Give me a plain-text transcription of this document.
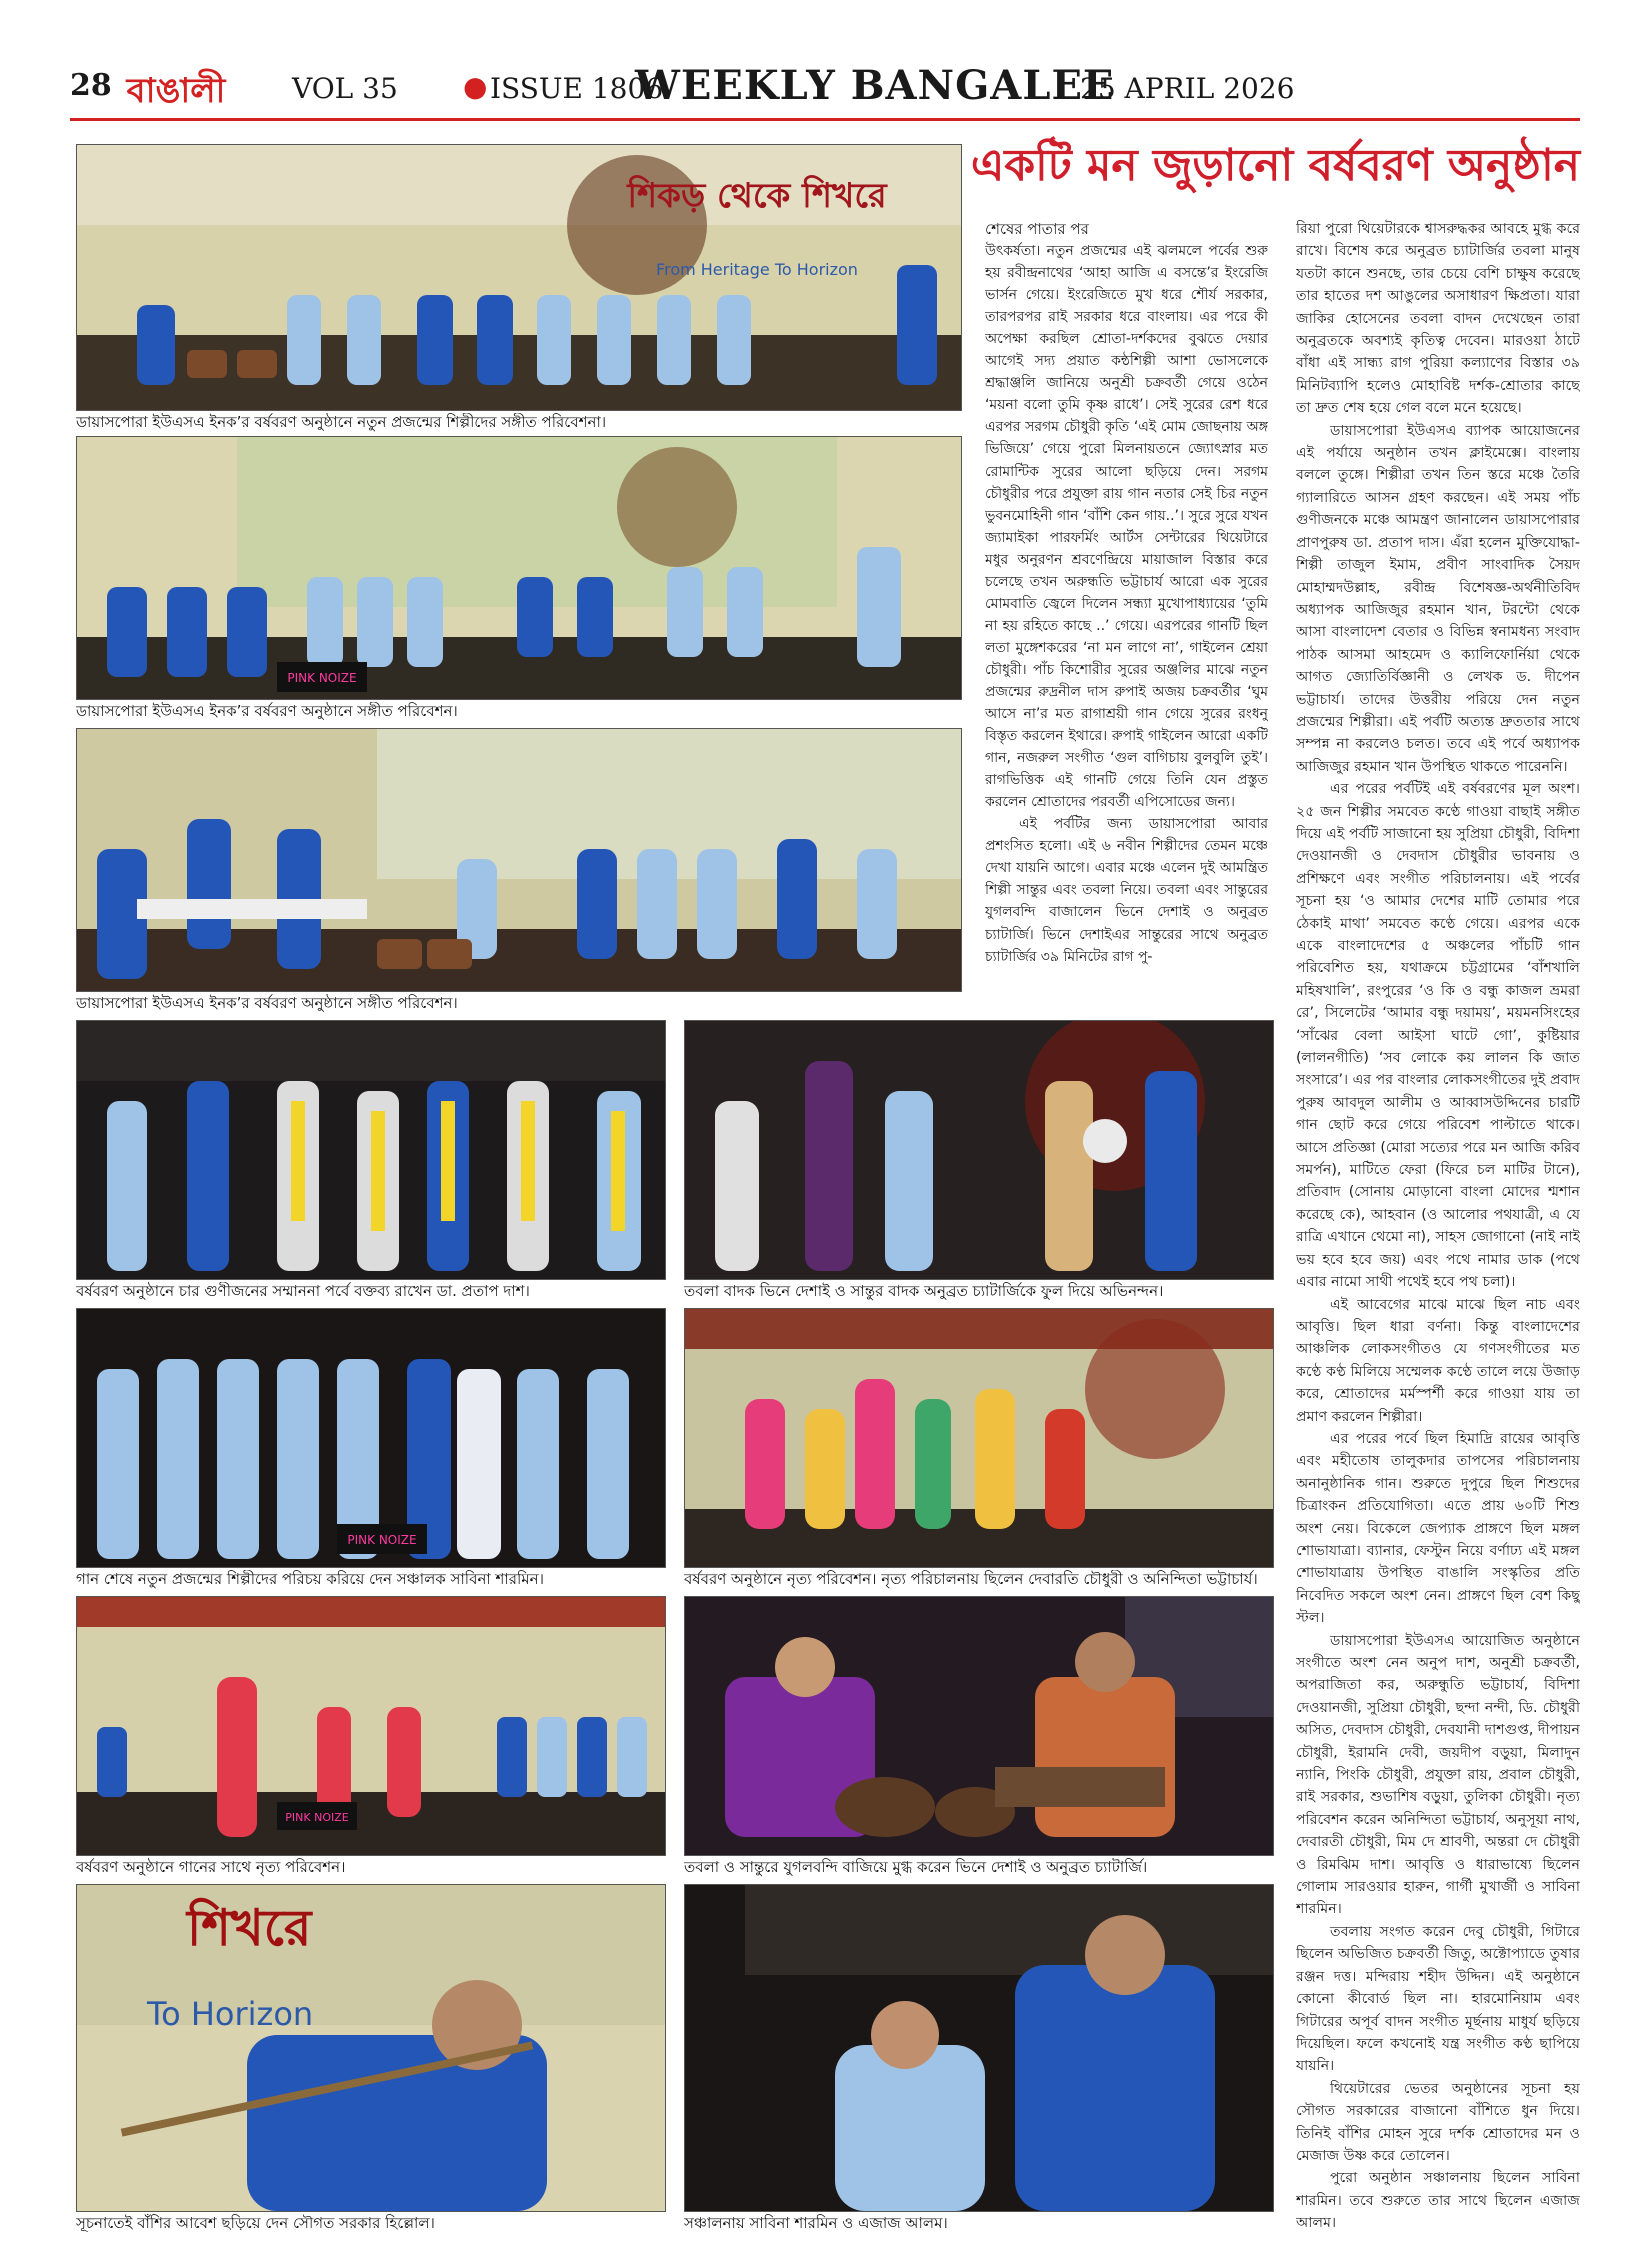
28 বাঙালী VOL 35 ● ISSUE 1806
WEEKLY BANGALEE
25 APRIL 2026
একটি মন জুড়ানো বর্ষবরণ অনুষ্ঠান
শিকড় থেকে শিখরে
From Heritage To Horizon
ডায়াসপোরা ইউএসএ ইনক’র বর্ষবরণ অনুষ্ঠানে নতুন প্রজন্মের শিল্পীদের সঙ্গীত পরিবেশনা।
PINK NOIZE
ডায়াসপোরা ইউএসএ ইনক’র বর্ষবরণ অনুষ্ঠানে সঙ্গীত পরিবেশন।
ডায়াসপোরা ইউএসএ ইনক’র বর্ষবরণ অনুষ্ঠানে সঙ্গীত পরিবেশন।
বর্ষবরণ অনুষ্ঠানে চার গুণীজনের সম্মাননা পর্বে বক্তব্য রাখেন ডা. প্রতাপ দাশ।	তবলা বাদক ভিনে দেশাই ও সান্তুর বাদক অনুব্রত চ্যাটার্জিকে ফুল দিয়ে অভিনন্দন।
PINK NOIZE
গান শেষে নতুন প্রজন্মের শিল্পীদের পরিচয় করিয়ে দেন সঞ্চালক সাবিনা শারমিন।	বর্ষবরণ অনুষ্ঠানে নৃত্য পরিবেশন। নৃত্য পরিচালনায় ছিলেন দেবারতি চৌধুরী ও অনিন্দিতা ভট্টাচার্য।
PINK NOIZE
বর্ষবরণ অনুষ্ঠানে গানের সাথে নৃত্য পরিবেশন।	তবলা ও সান্তুরে যুগলবন্দি বাজিয়ে মুগ্ধ করেন ভিনে দেশাই ও অনুব্রত চ্যাটার্জি।
শিখরে
To Horizon
সূচনাতেই বাঁশির আবেশ ছড়িয়ে দেন সৌগত সরকার হিল্লোল।	সঞ্চালনায় সাবিনা শারমিন ও এজাজ আলম।

শেষের পাতার পর

উৎকর্ষতা। নতুন প্রজন্মের এই ঝলমলে পর্বের শুরু হয় রবীন্দ্রনাথের ‘আহা আজি এ বসন্তে’র ইংরেজি ভার্সন গেয়ে। ইংরেজিতে মুখ ধরে শৌর্য সরকার, তারপরপর রাই সরকার ধরে বাংলায়। এর পরে কী অপেক্ষা করছিল শ্রোতা-দর্শকদের বুঝতে দেয়ার আগেই সদ্য প্রয়াত কন্ঠশিল্পী আশা ভোসলেকে শ্রদ্ধাঞ্জলি জানিয়ে অনুশ্রী চক্রবর্তী গেয়ে ওঠেন ‘ময়না বলো তুমি কৃষ্ণ রাধে’। সেই সুরের রেশ ধরে এরপর সরগম চৌধুরী কৃতি ‘এই মোম জোছনায় অঙ্গ ভিজিয়ে’ গেয়ে পুরো মিলনায়তনে জ্যোৎস্নার মত রোমান্টিক সুরের আলো ছড়িয়ে দেন। সরগম চৌধুরীর পরে প্রযুক্তা রায় গান নতার সেই চির নতুন ভুবনমোহিনী গান ‘বাঁশি কেন গায়..’। সুরে সুরে যখন জ্যামাইকা পারফর্মিং আর্টস সেন্টারের থিয়েটারে মধুর অনুরণন শ্রবণেন্দ্রিয়ে মায়াজাল বিস্তার করে চলেছে তখন অরুন্ধতি ভট্টাচার্য আরো এক সুরের মোমবাতি জ্বেলে দিলেন সন্ধ্যা মুখোপাধ্যায়ের ‘তুমি না হয় রহিতে কাছে ..’ গেয়ে। এরপরের গানটি ছিল লতা মুঙ্গেশকরের ‘না মন লাগে না’, গাইলেন শ্রেয়া চৌধুরী। পাঁচ কিশোরীর সুরের অঞ্জলির মাঝে নতুন প্রজন্মের রুদ্রনীল দাস রুপাই অজয় চক্রবর্তীর ‘ঘুম আসে না’র মত রাগাশ্রয়ী গান গেয়ে সুরের রংধনু বিস্তৃত করলেন ইথারে। রুপাই গাইলেন আরো একটি গান, নজরুল সংগীত ‘গুল বাগিচায় বুলবুলি তুই’। রাগভিত্তিক এই গানটি গেয়ে তিনি যেন প্রস্তুত করলেন শ্রোতাদের পরবর্তী এপিসোডের জন্য।

এই পর্বটির জন্য ডায়াসপোরা আবার প্রশংসিত হলো। এই ৬ নবীন শিল্পীদের তেমন মঞ্চে দেখা যায়নি আগে। এবার মঞ্চে এলেন দুই আমন্ত্রিত শিল্পী সান্তুর এবং তবলা নিয়ে। তবলা এবং সান্তুরের যুগলবন্দি বাজালেন ভিনে দেশাই ও অনুব্রত চ্যাটার্জি। ভিনে দেশাইএর সান্তুরের সাথে অনুব্রত চ্যাটার্জির ৩৯ মিনিটের রাগ পু-

রিয়া পুরো থিয়েটারকে শ্বাসরুদ্ধকর আবহে মুগ্ধ করে রাখে। বিশেষ করে অনুব্রত চ্যাটার্জির তবলা মানুষ যতটা কানে শুনছে, তার চেয়ে বেশি চাক্ষুষ করেছে তার হাতের দশ আঙুলের অসাধারণ ক্ষিপ্রতা। যারা জাকির হোসেনের তবলা বাদন দেখেছেন তারা অনুব্রতকে অবশ্যই কৃতিত্ব দেবেন। মারওয়া ঠাটে বাঁধা এই সান্ধ্য রাগ পুরিয়া কল্যাণের বিস্তার ৩৯ মিনিটব্যাপি হলেও মোহাবিষ্ট দর্শক-শ্রোতার কাছে তা দ্রুত শেষ হয়ে গেল বলে মনে হয়েছে।

ডায়াসপোরা ইউএসএ ব্যাপক আয়োজনের এই পর্যায়ে অনুষ্ঠান তখন ক্লাইমেক্সে। বাংলায় বললে তুঙ্গে। শিল্পীরা তখন তিন স্তরে মঞ্চে তৈরি গ্যালারিতে আসন গ্রহণ করছেন। এই সময় পাঁচ গুণীজনকে মঞ্চে আমন্ত্রণ জানালেন ডায়াসপোরার প্রাণপুরুষ ডা. প্রতাপ দাস। এঁরা হলেন মুক্তিযোদ্ধা-শিল্পী তাজুল ইমাম, প্রবীণ সাংবাদিক সৈয়দ মোহাম্মদউল্লাহ, রবীন্দ্র বিশেষজ্ঞ-অর্থনীতিবিদ অধ্যাপক আজিজুর রহমান খান, টরন্টো থেকে আসা বাংলাদেশ বেতার ও বিভিন্ন স্বনামধন্য সংবাদ পাঠক আসমা আহমেদ ও ক্যালিফোর্নিয়া থেকে আগত জ্যোতির্বিজ্ঞানী ও লেখক ড. দীপেন ভট্টাচার্য। তাদের উত্তরীয় পরিয়ে দেন নতুন প্রজন্মের শিল্পীরা। এই পর্বটি অত্যন্ত দ্রুততার সাথে সম্পন্ন না করলেও চলত। তবে এই পর্বে অধ্যাপক আজিজুর রহমান খান উপস্থিত থাকতে পারেননি।

এর পরের পর্বটিই এই বর্ষবরণের মূল অংশ। ২৫ জন শিল্পীর সমবেত কণ্ঠে গাওয়া বাছাই সঙ্গীত দিয়ে এই পর্বটি সাজানো হয় সুপ্রিয়া চৌধুরী, বিদিশা দেওয়ানজী ও দেবদাস চৌধুরীর ভাবনায় ও প্রশিক্ষণে এবং সংগীত পরিচালনায়। এই পর্বের সূচনা হয় ‘ও আমার দেশের মাটি তোমার পরে ঠেকাই মাথা’ সমবেত কণ্ঠে গেয়ে। এরপর একে একে বাংলাদেশের ৫ অঞ্চলের পাঁচটি গান পরিবেশিত হয়, যথাক্রমে চট্টগ্রামের ‘বাঁশখালি মহিষখালি’, রংপুরের ‘ও কি ও বন্ধু কাজল ভ্রমরা রে’, সিলেটের ‘আমার বন্ধু দয়াময়’, ময়মনসিংহের ‘সাঁঝের বেলা আইসা ঘাটে গো’, কুষ্টিয়ার (লালনগীতি) ‘সব লোকে কয় লালন কি জাত সংসারে’। এর পর বাংলার লোকসংগীতের দুই প্রবাদ পুরুষ আবদুল আলীম ও আব্বাসউদ্দিনের চারটি গান ছোট করে গেয়ে পরিবেশ পাল্টাতে থাকে। আসে প্রতিজ্ঞা (মোরা সত্যের পরে মন আজি করিব সমর্পন), মাটিতে ফেরা (ফিরে চল মাটির টানে), প্রতিবাদ (সোনায় মোড়ানো বাংলা মোদের শ্মশান করেছে কে), আহবান (ও আলোর পথযাত্রী, এ যে রাত্রি এখানে থেমো না), সাহস জোগানো (নাই নাই ভয় হবে হবে জয়) এবং পথে নামার ডাক (পথে এবার নামো সাথী পথেই হবে পথ চলা)।

এই আবেগের মাঝে মাঝে ছিল নাচ এবং আবৃত্তি। ছিল ধারা বর্ণনা। কিন্তু বাংলাদেশের আঞ্চলিক লোকসংগীতও যে গণসংগীতের মত কণ্ঠে কণ্ঠ মিলিয়ে সম্মেলক কণ্ঠে তালে লয়ে উজাড় করে, শ্রোতাদের মর্মস্পর্শী করে গাওয়া যায় তা প্রমাণ করলেন শিল্পীরা।

এর পরের পর্বে ছিল হিমাদ্রি রায়ের আবৃত্তি এবং মহীতোষ তালুকদার তাপসের পরিচালনায় অনানুষ্ঠানিক গান। শুরুতে দুপুরে ছিল শিশুদের চিত্রাংকন প্রতিযোগিতা। এতে প্রায় ৬০টি শিশু অংশ নেয়। বিকেলে জেপ্যাক প্রাঙ্গণে ছিল মঙ্গল শোভাযাত্রা। ব্যানার, ফেস্টুন নিয়ে বর্ণাঢ্য এই মঙ্গল শোভাযাত্রায় উপস্থিত বাঙালি সংস্কৃতির প্রতি নিবেদিত সকলে অংশ নেন। প্রাঙ্গণে ছিল বেশ কিছু স্টল।

ডায়াসপোরা ইউএসএ আয়োজিত অনুষ্ঠানে সংগীতে অংশ নেন অনুপ দাশ, অনুশ্রী চক্রবর্তী, অপরাজিতা কর, অরুন্ধুতি ভট্টাচার্য, বিদিশা দেওয়ানজী, সুপ্রিয়া চৌধুরী, ছন্দা নন্দী, ডি. চৌধুরী অসিত, দেবদাস চৌধুরী, দেবযানী দাশগুপ্ত, দীপায়ন চৌধুরী, ইরামনি দেবী, জয়দীপ বড়ুয়া, মিলাদুন ন্যানি, পিংকি চৌধুরী, প্রযুক্তা রায়, প্রবাল চৌধুরী, রাই সরকার, শুভাশিষ বড়ুয়া, তুলিকা চৌধুরী। নৃত্য পরিবেশন করেন অনিন্দিতা ভট্টাচার্য, অনুসূয়া নাথ, দেবারতী চৌধুরী, মিম দে শ্রাবণী, অন্তরা দে চৌধুরী ও রিমঝিম দাশ। আবৃত্তি ও ধারাভাষ্যে ছিলেন গোলাম সারওয়ার হারুন, গার্গী মুখার্জী ও সাবিনা শারমিন।

তবলায় সংগত করেন দেবু চৌধুরী, গিটারে ছিলেন অভিজিত চক্রবর্তী জিতু, অক্টোপ্যাডে তুষার রঞ্জন দত্ত। মন্দিরায় শহীদ উদ্দিন। এই অনুষ্ঠানে কোনো কীবোর্ড ছিল না। হারমোনিয়াম এবং গিটারের অপূর্ব বাদন সংগীত মূর্ছনায় মাধুর্য ছড়িয়ে দিয়েছিল। ফলে কখনোই যন্ত্র সংগীত কণ্ঠ ছাপিয়ে যায়নি।

থিয়েটারের ভেতর অনুষ্ঠানের সূচনা হয় সৌগত সরকারের বাজানো বাঁশিতে ধুন দিয়ে। তিনিই বাঁশির মোহন সুরে দর্শক শ্রোতাদের মন ও মেজাজ উষ্ণ করে তোলেন।

পুরো অনুষ্ঠান সঞ্চালনায় ছিলেন সাবিনা শারমিন। তবে শুরুতে তার সাথে ছিলেন এজাজ আলম।
